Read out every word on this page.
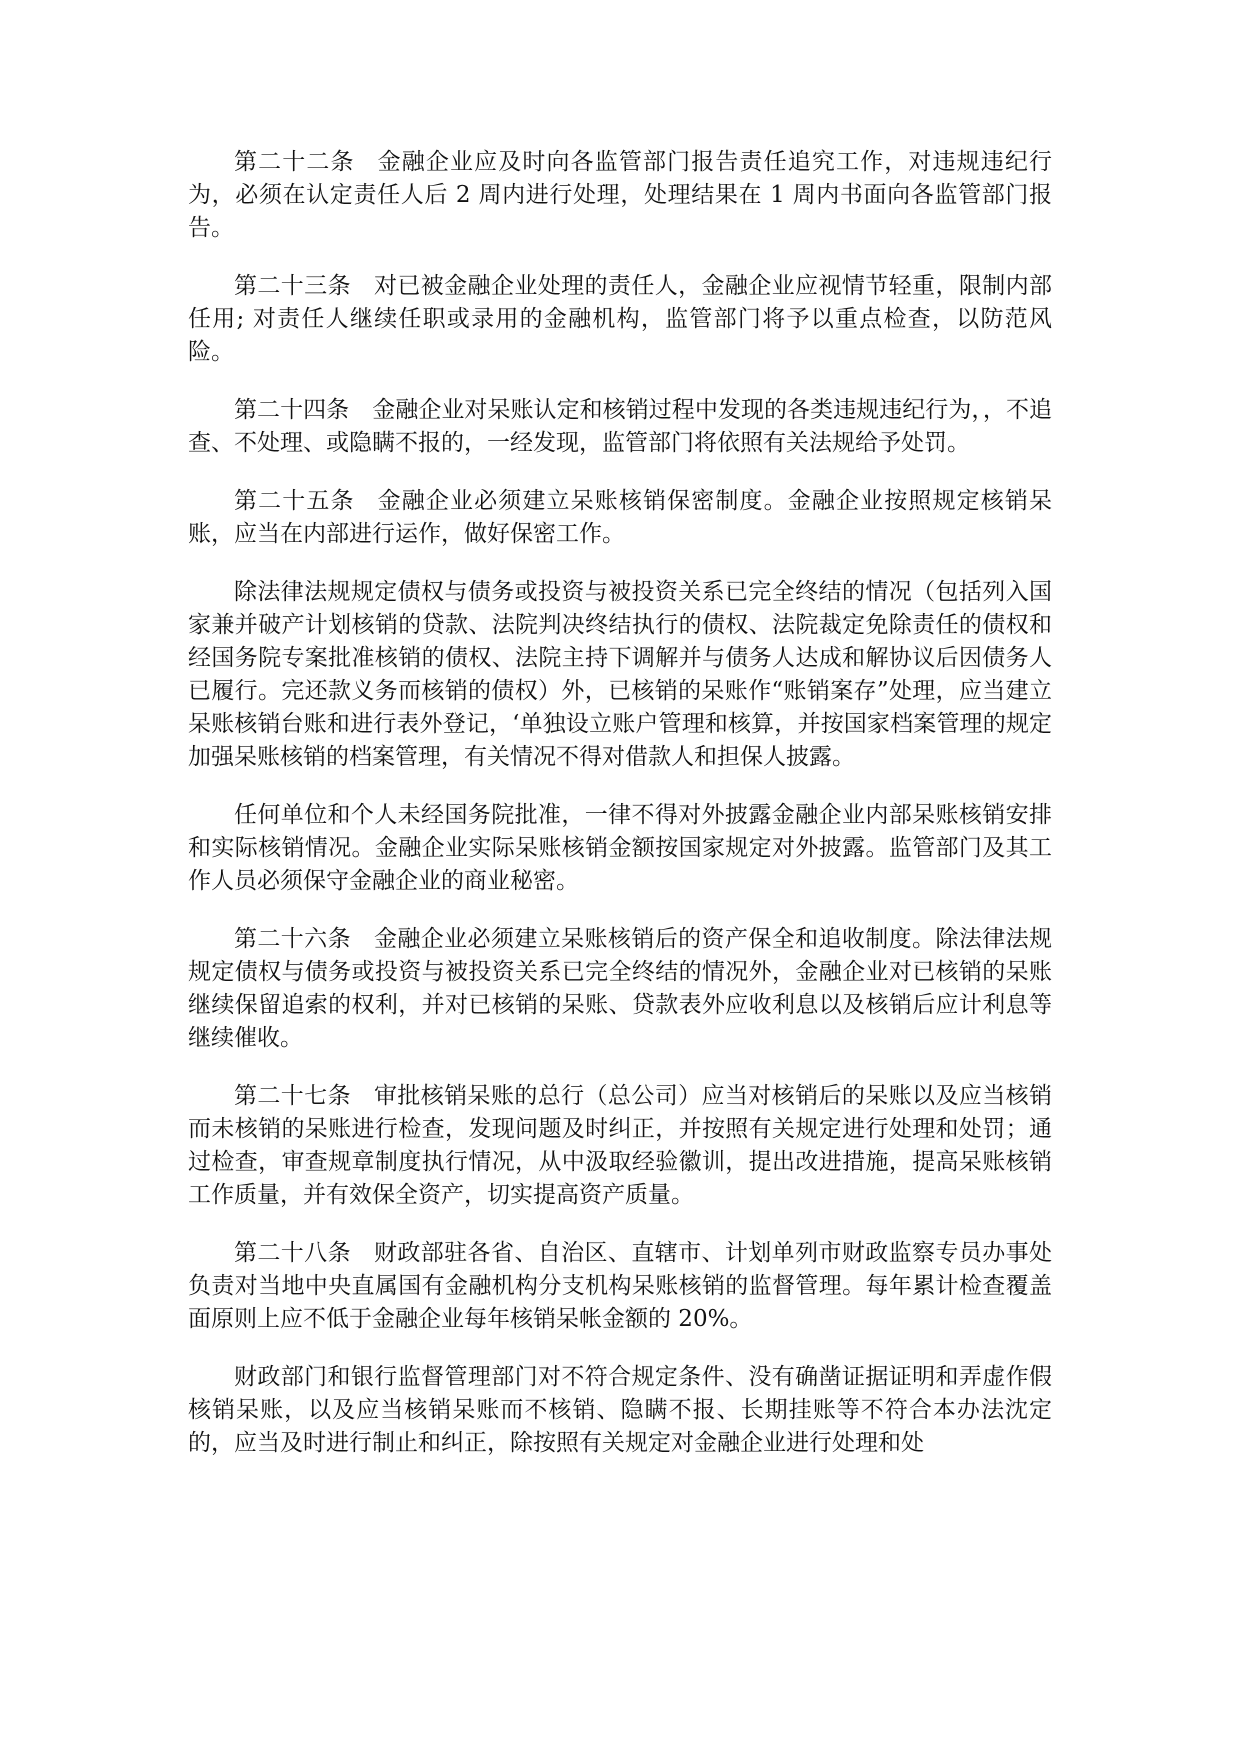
第二十二条 金融企业应及时向各监管部门报告责任追究工作，对违规违纪行为，必须在认定责任人后 2 周内进行处理，处理结果在 1 周内书面向各监管部门报告。

第二十三条 对已被金融企业处理的责任人，金融企业应视情节轻重，限制内部任用; 对责任人继续任职或录用的金融机构，监管部门将予以重点检查，以防范风险。

第二十四条 金融企业对呆账认定和核销过程中发现的各类违规违纪行为，，不追查、不处理、或隐瞒不报的，一经发现，监管部门将依照有关法规给予处罚。

第二十五条 金融企业必须建立呆账核销保密制度。金融企业按照规定核销呆账，应当在内部进行运作，做好保密工作。

除法律法规规定债权与债务或投资与被投资关系已完全终结的情况（包括列入国家兼并破产计划核销的贷款、法院判决终结执行的债权、法院裁定免除责任的债权和经国务院专案批准核销的债权、法院主持下调解并与债务人达成和解协议后因债务人已履行。完还款义务而核销的债权）外，已核销的呆账作“账销案存”处理，应当建立呆账核销台账和进行表外登记，‘单独设立账户管理和核算，并按国家档案管理的规定加强呆账核销的档案管理，有关情况不得对借款人和担保人披露。

任何单位和个人未经国务院批准，一律不得对外披露金融企业内部呆账核销安排和实际核销情况。金融企业实际呆账核销金额按国家规定对外披露。监管部门及其工作人员必须保守金融企业的商业秘密。

第二十六条 金融企业必须建立呆账核销后的资产保全和追收制度。除法律法规规定债权与债务或投资与被投资关系已完全终结的情况外，金融企业对已核销的呆账继续保留追索的权利，并对已核销的呆账、贷款表外应收利息以及核销后应计利息等继续催收。

第二十七条 审批核销呆账的总行（总公司）应当对核销后的呆账以及应当核销而未核销的呆账进行检查，发现问题及时纠正，并按照有关规定进行处理和处罚；通过检查，审查规章制度执行情况，从中汲取经验徽训，提出改进措施，提高呆账核销工作质量，并有效保全资产，切实提高资产质量。

第二十八条 财政部驻各省、自治区、直辖市、计划单列市财政监察专员办事处负责对当地中央直属国有金融机构分支机构呆账核销的监督管理。每年累计检查覆盖面原则上应不低于金融企业每年核销呆帐金额的 20%。

财政部门和银行监督管理部门对不符合规定条件、没有确凿证据证明和弄虚作假核销呆账，以及应当核销呆账而不核销、隐瞒不报、长期挂账等不符合本办法沈定的，应当及时进行制止和纠正，除按照有关规定对金融企业进行处理和处
